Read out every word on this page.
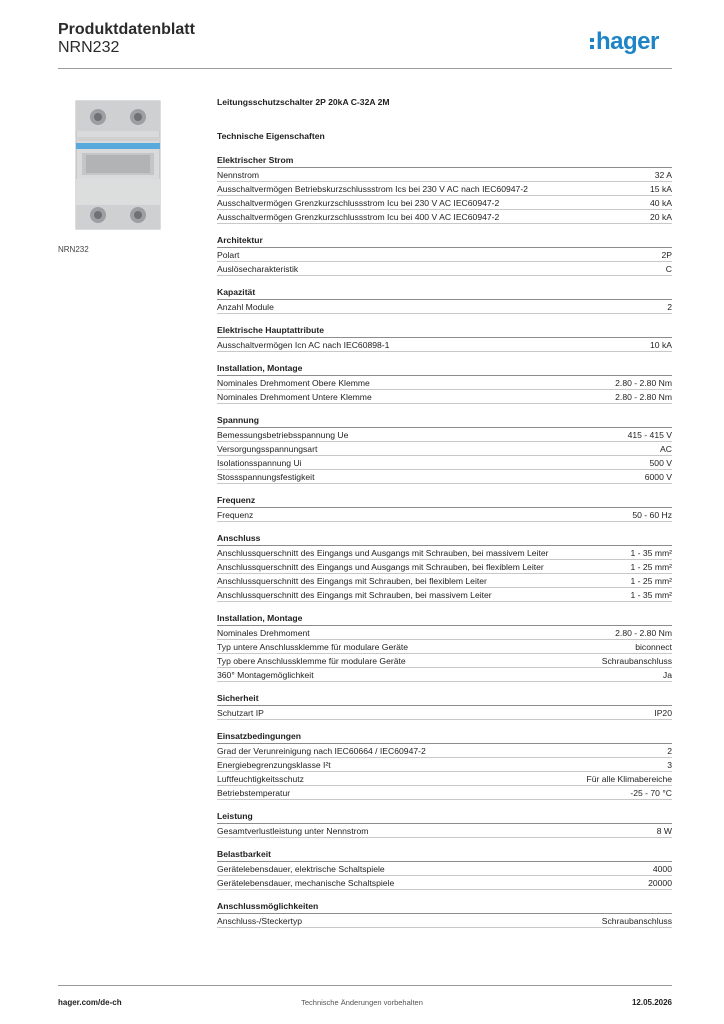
Produktdatenblatt
NRN232	hager
NRN232
Leitungsschutzschalter 2P 20kA C-32A 2M
Technische Eigenschaften
Elektrischer Strom
Nennstrom	32 A
Ausschaltvermögen Betriebskurzschlussstrom Ics bei 230 V AC nach IEC60947-2	15 kA
Ausschaltvermögen Grenzkurzschlussstrom Icu bei 230 V AC IEC60947-2	40 kA
Ausschaltvermögen Grenzkurzschlussstrom Icu bei 400 V AC IEC60947-2	20 kA
Architektur
Polart	2P
Auslösecharakteristik	C
Kapazität
Anzahl Module	2
Elektrische Hauptattribute
Ausschaltvermögen Icn AC nach IEC60898-1	10 kA
Installation, Montage
Nominales Drehmoment Obere Klemme	2.80 - 2.80 Nm
Nominales Drehmoment Untere Klemme	2.80 - 2.80 Nm
Spannung
Bemessungsbetriebsspannung Ue	415 - 415 V
Versorgungsspannungsart	AC
Isolationsspannung Ui	500 V
Stossspannungsfestigkeit	6000 V
Frequenz
Frequenz	50 - 60 Hz
Anschluss
Anschlussquerschnitt des Eingangs und Ausgangs mit Schrauben, bei massivem Leiter	1 - 35 mm²
Anschlussquerschnitt des Eingangs und Ausgangs mit Schrauben, bei flexiblem Leiter	1 - 25 mm²
Anschlussquerschnitt des Eingangs mit Schrauben, bei flexiblem Leiter	1 - 25 mm²
Anschlussquerschnitt des Eingangs mit Schrauben, bei massivem Leiter	1 - 35 mm²
Installation, Montage
Nominales Drehmoment	2.80 - 2.80 Nm
Typ untere Anschlussklemme für modulare Geräte	biconnect
Typ obere Anschlussklemme für modulare Geräte	Schraubanschluss
360° Montagemöglichkeit	Ja
Sicherheit
Schutzart IP	IP20
Einsatzbedingungen
Grad der Verunreinigung nach IEC60664 / IEC60947-2	2
Energiebegrenzungsklasse I²t	3
Luftfeuchtigkeitsschutz	Für alle Klimabereiche
Betriebstemperatur	-25 - 70 °C
Leistung
Gesamtverlustleistung unter Nennstrom	8 W
Belastbarkeit
Gerätelebensdauer, elektrische Schaltspiele	4000
Gerätelebensdauer, mechanische Schaltspiele	20000
Anschlussmöglichkeiten
Anschluss-/Steckertyp	Schraubanschluss
hager.com/de-ch	Technische Änderungen vorbehalten	12.05.2026
